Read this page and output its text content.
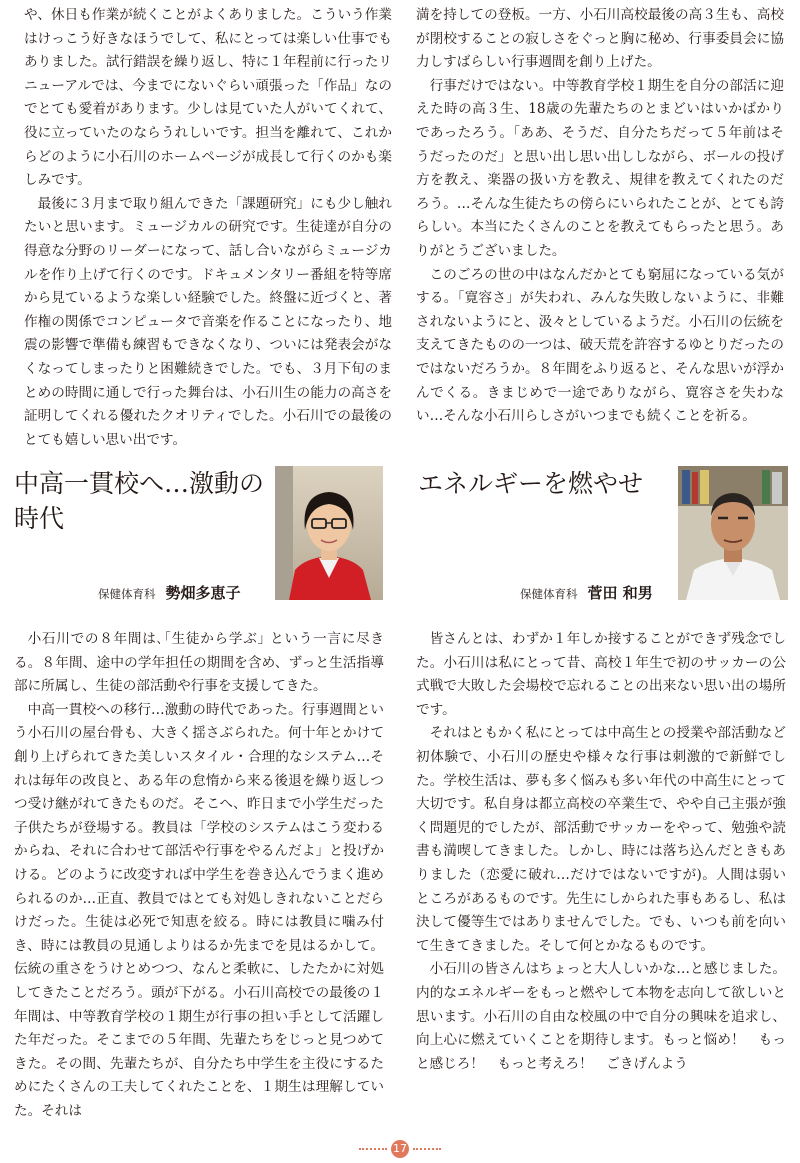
や、休日も作業が続くことがよくありました。こういう作業はけっこう好きなほうでして、私にとっては楽しい仕事でもありました。試行錯誤を繰り返し、特に１年程前に行ったリニューアルでは、今までにないぐらい頑張った「作品」なのでとても愛着があります。少しは見ていた人がいてくれて、役に立っていたのならうれしいです。担当を離れて、これからどのように小石川のホームページが成長して行くのかも楽しみです。

最後に３月まで取り組んできた「課題研究」にも少し触れたいと思います。ミュージカルの研究です。生徒達が自分の得意な分野のリーダーになって、話し合いながらミュージカルを作り上げて行くのです。ドキュメンタリー番組を特等席から見ているような楽しい経験でした。終盤に近づくと、著作権の関係でコンピュータで音楽を作ることになったり、地震の影響で準備も練習もできなくなり、ついには発表会がなくなってしまったりと困難続きでした。でも、３月下旬のまとめの時間に通しで行った舞台は、小石川生の能力の高さを証明してくれる優れたクオリティでした。小石川での最後のとても嬉しい思い出です。

満を持しての登板。一方、小石川高校最後の高３生も、高校が閉校することの寂しさをぐっと胸に秘め、行事委員会に協力しすばらしい行事週間を創り上げた。

行事だけではない。中等教育学校１期生を自分の部活に迎えた時の高３生、18歳の先輩たちのとまどいはいかばかりであったろう。「ああ、そうだ、自分たちだって５年前はそうだったのだ」と思い出し思い出ししながら、ボールの投げ方を教え、楽器の扱い方を教え、規律を教えてくれたのだろう。…そんな生徒たちの傍らにいられたことが、とても誇らしい。本当にたくさんのことを教えてもらったと思う。ありがとうございました。

このごろの世の中はなんだかとても窮屈になっている気がする。「寛容さ」が失われ、みんな失敗しないように、非難されないようにと、汲々としているようだ。小石川の伝統を支えてきたものの一つは、破天荒を許容するゆとりだったのではないだろうか。８年間をふり返ると、そんな思いが浮かんでくる。きまじめで一途でありながら、寛容さを失わない…そんな小石川らしさがいつまでも続くことを祈る。

中高一貫校へ…激動の
時代
保健体育科 勢畑多恵子

小石川での８年間は､｢生徒から学ぶ｣ という一言に尽きる。８年間、途中の学年担任の期間を含め、ずっと生活指導部に所属し、生徒の部活動や行事を支援してきた。

中高一貫校への移行…激動の時代であった。行事週間という小石川の屋台骨も、大きく揺さぶられた。何十年とかけて創り上げられてきた美しいスタイル・合理的なシステム…それは毎年の改良と、ある年の怠惰から来る後退を繰り返しつつ受け継がれてきたものだ。そこへ、昨日まで小学生だった子供たちが登場する。教員は「学校のシステムはこう変わるからね、それに合わせて部活や行事をやるんだよ」と投げかける。どのように改変すれば中学生を巻き込んでうまく進められるのか…正直、教員ではとても対処しきれないことだらけだった。生徒は必死で知恵を絞る。時には教員に噛み付き、時には教員の見通しよりはるか先までを見はるかして。伝統の重さをうけとめつつ、なんと柔軟に、したたかに対処してきたことだろう。頭が下がる。小石川高校での最後の１年間は、中等教育学校の１期生が行事の担い手として活躍した年だった。そこまでの５年間、先輩たちをじっと見つめてきた。その間、先輩たちが、自分たち中学生を主役にするためにたくさんの工夫してくれたことを、１期生は理解していた。それは

エネルギーを燃やせ
保健体育科 菅田 和男

皆さんとは、わずか１年しか接することができず残念でした。小石川は私にとって昔、高校１年生で初のサッカーの公式戦で大敗した会場校で忘れることの出来ない思い出の場所です。

それはともかく私にとっては中高生との授業や部活動など初体験で、小石川の歴史や様々な行事は刺激的で新鮮でした。学校生活は、夢も多く悩みも多い年代の中高生にとって大切です。私自身は都立高校の卒業生で、やや自己主張が強く問題児的でしたが、部活動でサッカーをやって、勉強や読書も満喫してきました。しかし、時には落ち込んだときもありました（恋愛に破れ…だけではないですが)。人間は弱いところがあるものです。先生にしかられた事もあるし、私は決して優等生ではありませんでした。でも、いつも前を向いて生きてきました。そして何とかなるものです。

小石川の皆さんはちょっと大人しいかな…と感じました。内的なエネルギーをもっと燃やして本物を志向して欲しいと思います。小石川の自由な校風の中で自分の興味を追求し、向上心に燃えていくことを期待します。もっと悩め！　もっと感じろ！　もっと考えろ！　ごきげんよう

17
